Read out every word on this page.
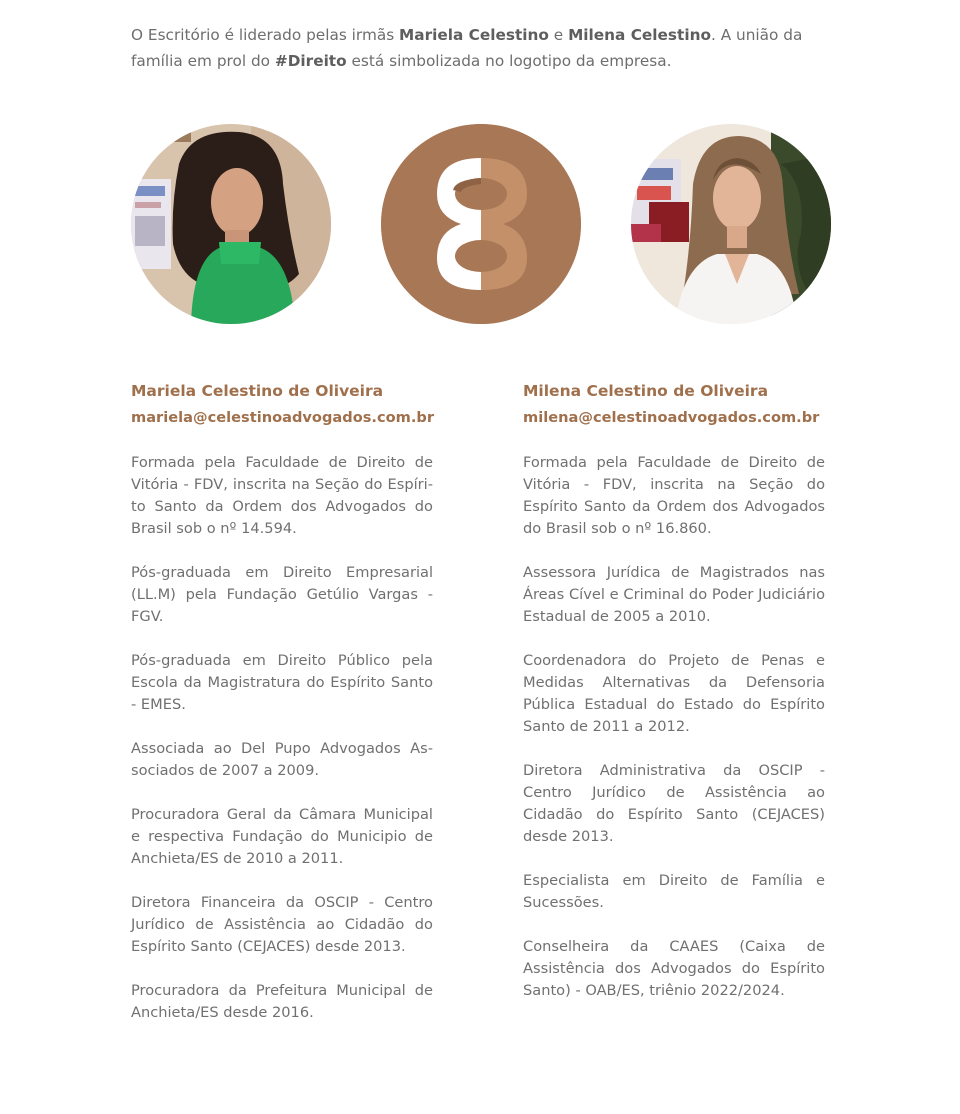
O Escritório é liderado pelas irmãs Mariela Celestino e Milena Celestino. A união da família em prol do #Direito está simbolizada no logotipo da empresa.

Mariela Celestino de Oliveira

mariela@celestinoadvogados.com.br

Formada pela Faculdade de Direito de Vitória - FDV, inscrita na Seção do Espírito Santo da Ordem dos Advogados do Brasil sob o nº 14.594.

Pós-graduada em Direito Empresarial (LL.M) pela Fundação Getúlio Vargas - FGV.

Pós-graduada em Direito Público pela Escola da Magistratura do Espírito Santo - EMES.

Associada ao Del Pupo Advogados Associados de 2007 a 2009.

Procuradora Geral da Câmara Municipal e respectiva Fundação do Municipio de Anchieta/ES de 2010 a 2011.

Diretora Financeira da OSCIP - Centro Jurídico de Assistência ao Cidadão do Espírito Santo (CEJACES) desde 2013.

Procuradora da Prefeitura Municipal de Anchieta/ES desde 2016.

Milena Celestino de Oliveira

milena@celestinoadvogados.com.br

Formada pela Faculdade de Direito de Vitória - FDV, inscrita na Seção do Espírito Santo da Ordem dos Advogados do Brasil sob o nº 16.860.

Assessora Jurídica de Magistrados nas Áreas Cível e Criminal do Poder Judiciário Estadual de 2005 a 2010.

Coordenadora do Projeto de Penas e Medidas Alternativas da Defensoria Pública Estadual do Estado do Espírito Santo de 2011 a 2012.

Diretora Administrativa da OSCIP - Centro Jurídico de Assistência ao Cidadão do Espírito Santo (CEJACES) desde 2013.

Especialista em Direito de Família e Sucessões.

Conselheira da CAAES (Caixa de Assistência dos Advogados do Espírito Santo) - OAB/ES, triênio 2022/2024.
